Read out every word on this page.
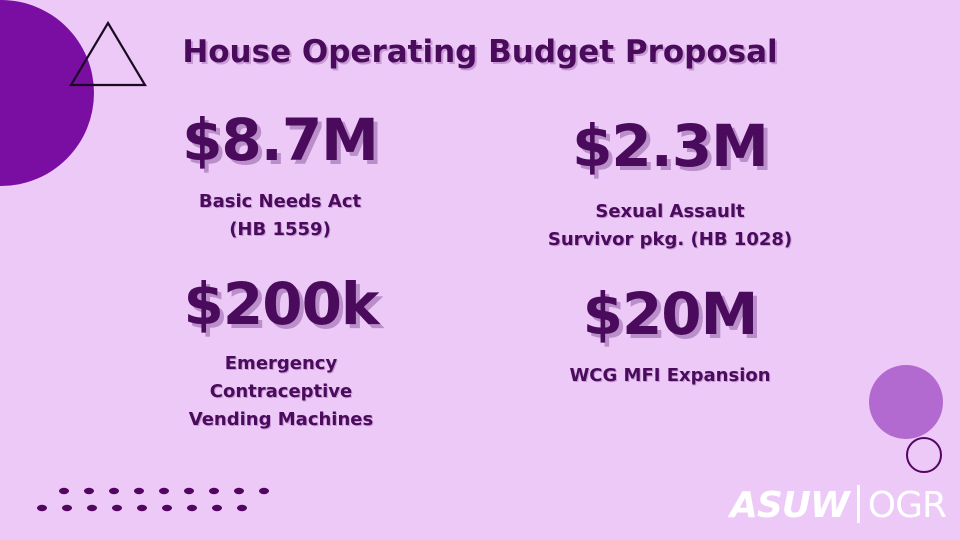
House Operating Budget Proposal
$8.7M
Basic Needs Act
(HB 1559)
$2.3M
Sexual Assault
Survivor pkg. (HB 1028)
$200k
Emergency
Contraceptive
Vending Machines
$20M
WCG MFI Expansion
ASUW OGR
